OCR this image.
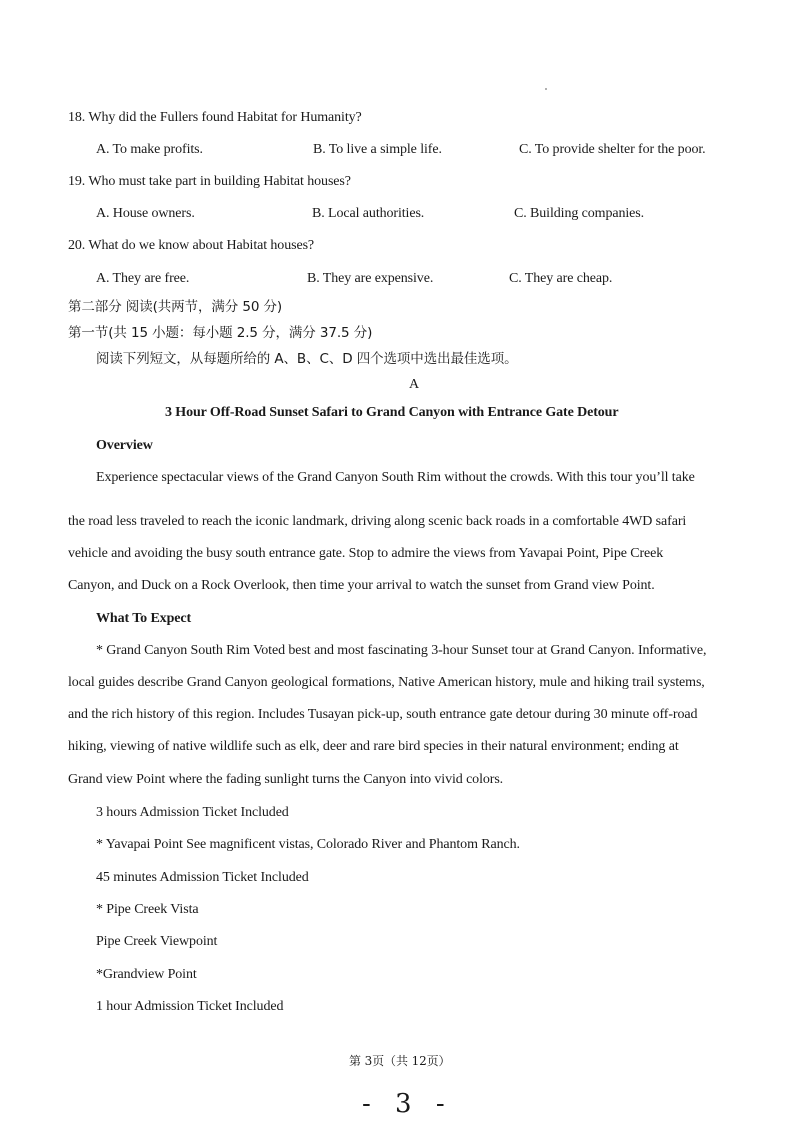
18. Why did the Fullers found Habitat for Humanity?
A. To make profits.	B. To live a simple life.	C. To provide shelter for the poor.
19. Who must take part in building Habitat houses?
A. House owners.	B. Local authorities.	C. Building companies.
20. What do we know about Habitat houses?
A. They are free.	B. They are expensive.	C. They are cheap.
第二部分 阅读(共两节，满分 50 分)
第一节(共 15 小题：每小题 2.5 分，满分 37.5 分)
阅读下列短文，从每题所给的 A、B、C、D 四个选项中选出最佳选项。
A
3 Hour Off-Road Sunset Safari to Grand Canyon with Entrance Gate Detour
Overview
Experience spectacular views of the Grand Canyon South Rim without the crowds. With this tour you’ll take
the road less traveled to reach the iconic landmark, driving along scenic back roads in a comfortable 4WD safari
vehicle and avoiding the busy south entrance gate. Stop to admire the views from Yavapai Point, Pipe Creek
Canyon, and Duck on a Rock Overlook, then time your arrival to watch the sunset from Grand view Point.
What To Expect
* Grand Canyon South Rim Voted best and most fascinating 3-hour Sunset tour at Grand Canyon. Informative,
local guides describe Grand Canyon geological formations, Native American history, mule and hiking trail systems,
and the rich history of this region. Includes Tusayan pick-up, south entrance gate detour during 30 minute off-road
hiking, viewing of native wildlife such as elk, deer and rare bird species in their natural environment; ending at
Grand view Point where the fading sunlight turns the Canyon into vivid colors.
3 hours Admission Ticket Included
* Yavapai Point See magnificent vistas, Colorado River and Phantom Ranch.
45 minutes Admission Ticket Included
* Pipe Creek Vista
Pipe Creek Viewpoint
*Grandview Point
1 hour Admission Ticket Included
第 3页（共 12页）
- 3 -
